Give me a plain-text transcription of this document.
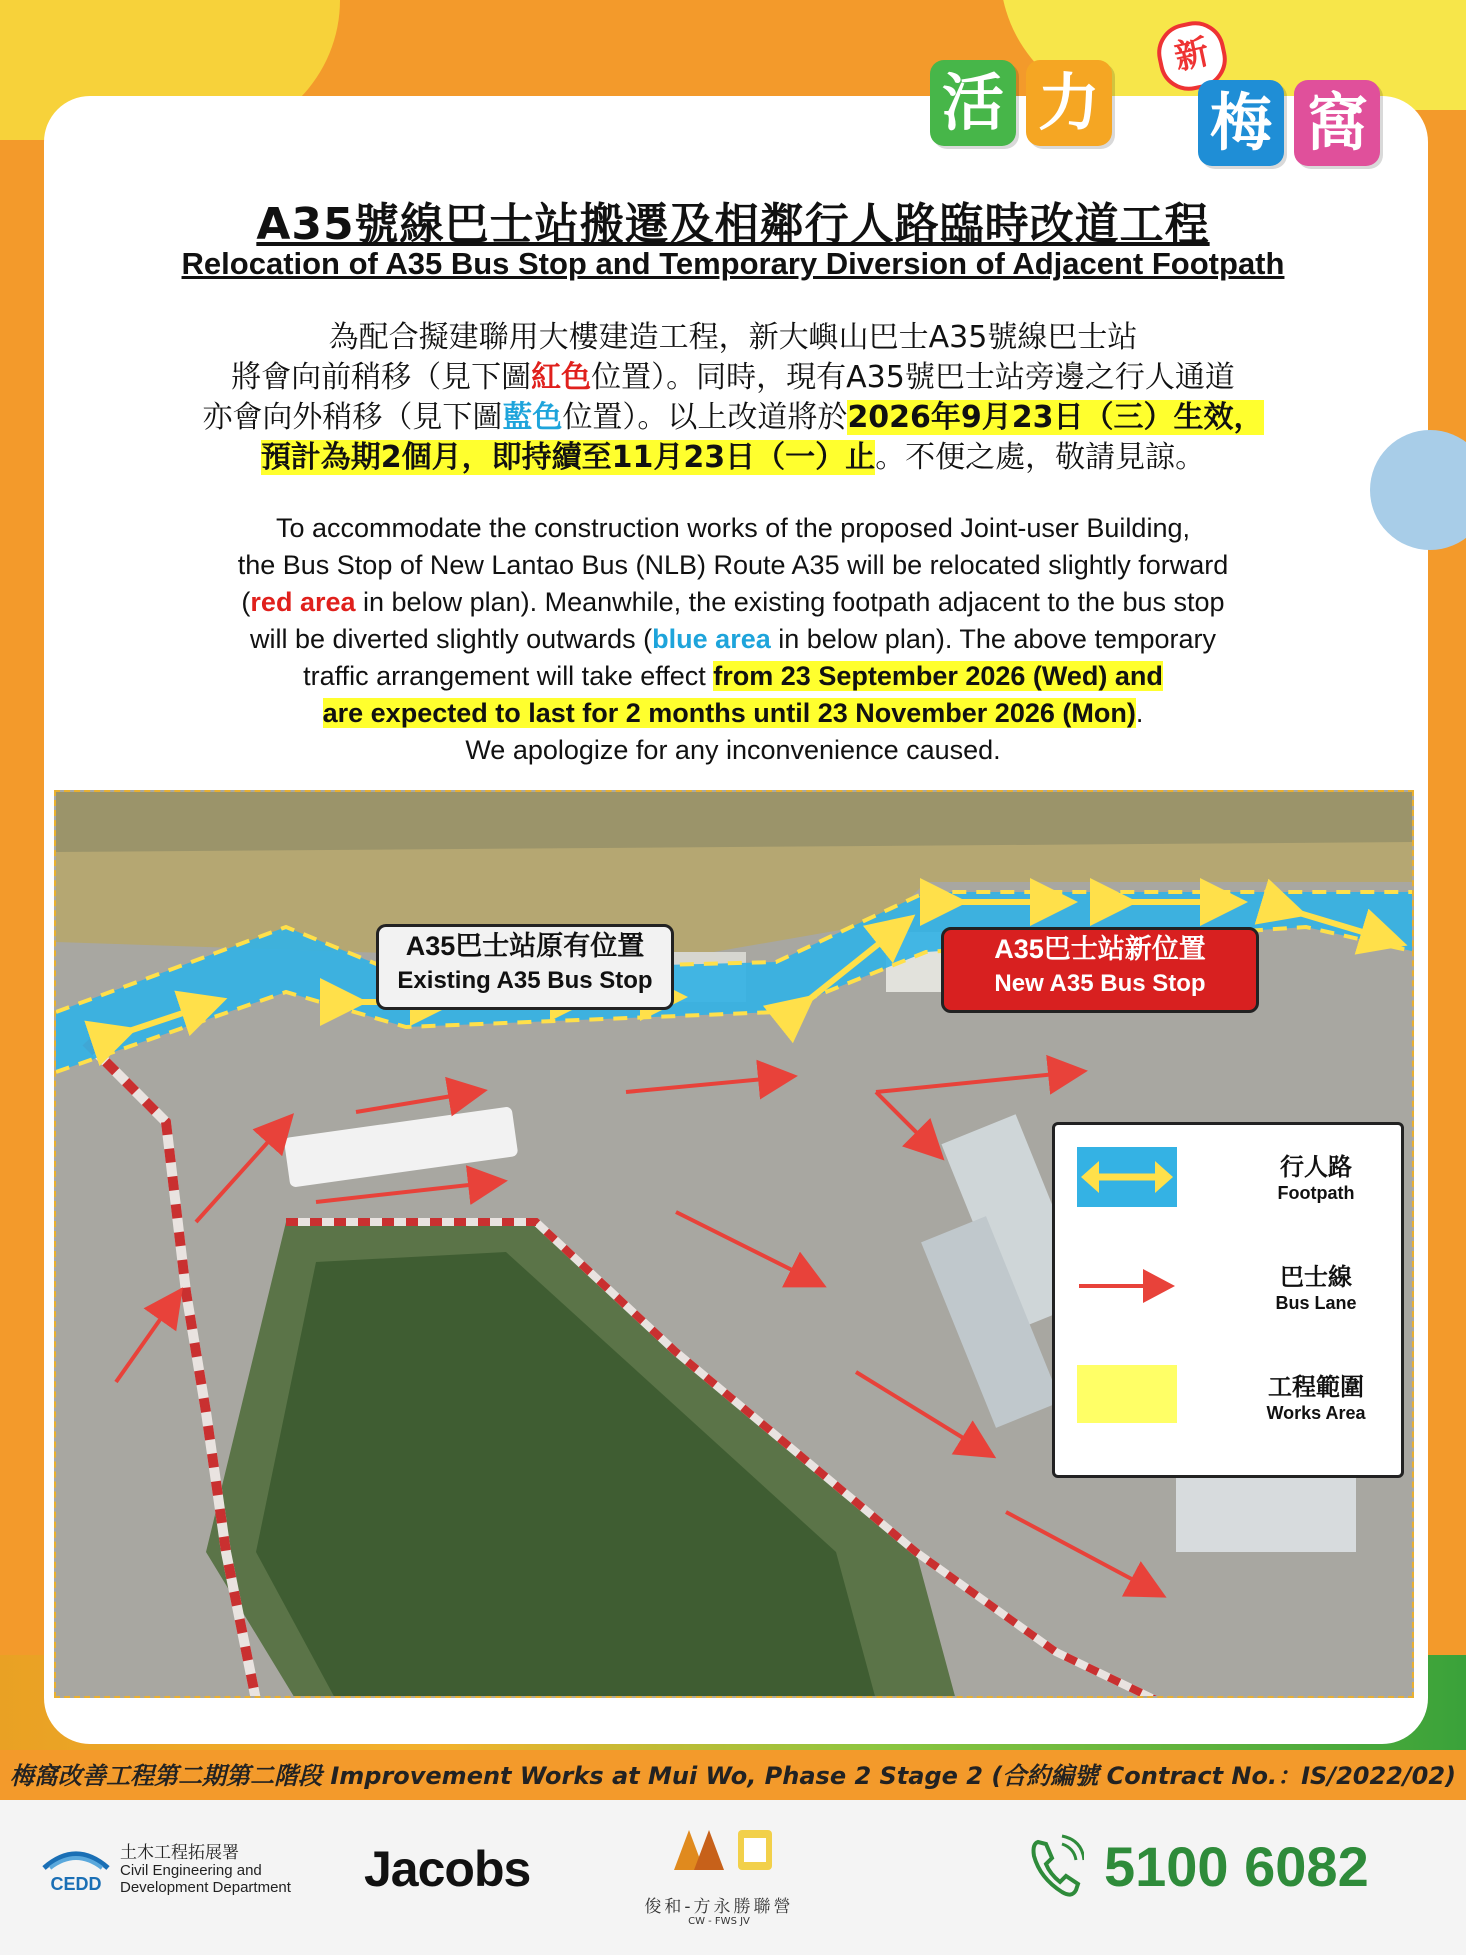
活 力
新
梅 窩
A35號線巴士站搬遷及相鄰行人路臨時改道工程
Relocation of A35 Bus Stop and Temporary Diversion of Adjacent Footpath
為配合擬建聯用大樓建造工程，新大嶼山巴士A35號線巴士站
將會向前稍移（見下圖紅色位置）。同時，現有A35號巴士站旁邊之行人通道
亦會向外稍移（見下圖藍色位置）。以上改道將於2026年9月23日（三）生效，
預計為期2個月，即持續至11月23日（一）止。不便之處，敬請見諒。
To accommodate the construction works of the proposed Joint-user Building,
the Bus Stop of New Lantao Bus (NLB) Route A35 will be relocated slightly forward
(red area in below plan). Meanwhile, the existing footpath adjacent to the bus stop
will be diverted slightly outwards (blue area in below plan). The above temporary
traffic arrangement will take effect from 23 September 2026 (Wed) and
are expected to last for 2 months until 23 November 2026 (Mon).
We apologize for any inconvenience caused.
A35巴士站原有位置
Existing A35 Bus Stop
A35巴士站新位置
New A35 Bus Stop
行人路
Footpath
巴士線
Bus Lane
工程範圍
Works Area
梅窩改善工程第二期第二階段 Improvement Works at Mui Wo, Phase 2 Stage 2 (合約編號 Contract No.：IS/2022/02)
CEDD
土木工程拓展署
Civil Engineering and
Development Department Jacobs
俊和-方永勝聯營
CW - FWS JV
5100 6082
